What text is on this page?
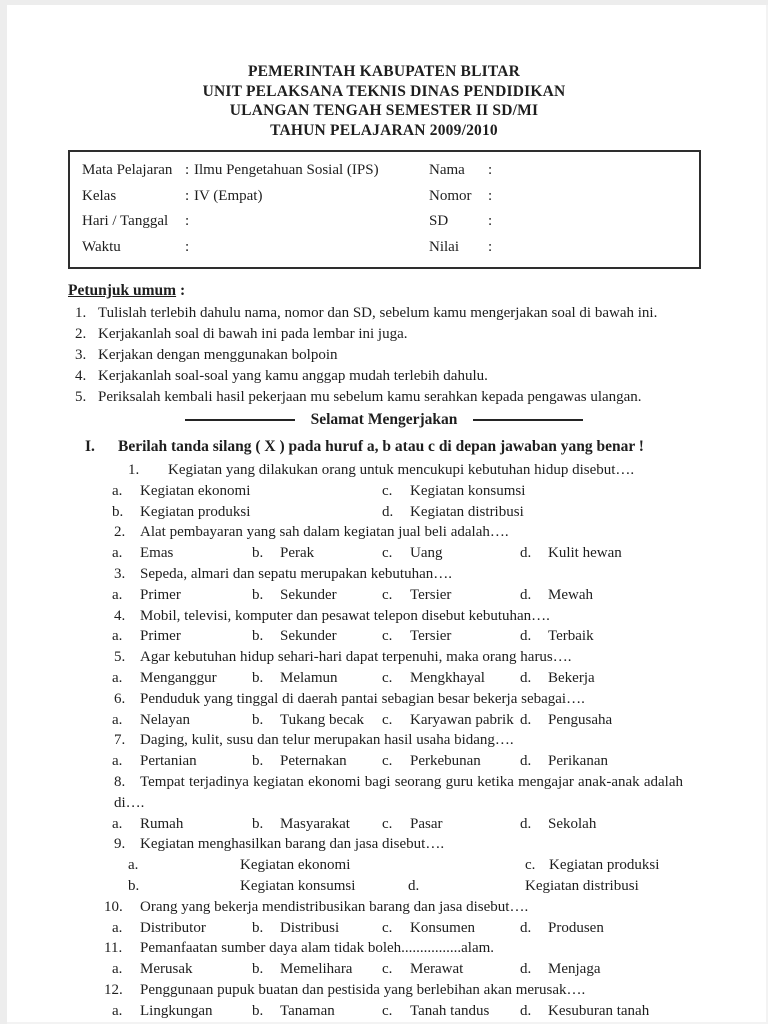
PEMERINTAH KABUPATEN BLITAR
UNIT PELAKSANA TEKNIS DINAS PENDIDIKAN
ULANGAN TENGAH SEMESTER II SD/MI
TAHUN PELAJARAN 2009/2010
Mata Pelajaran : Ilmu Pengetahuan Sosial (IPS)	Nama	:
Kelas	: IV (Empat)	Nomor	:
Hari / Tanggal	:	SD	:
Waktu	:	Nilai	:
Petunjuk umum :
1. Tulislah terlebih dahulu nama, nomor dan SD, sebelum kamu mengerjakan soal di bawah ini.
2. Kerjakanlah soal di bawah ini pada lembar ini juga.
3. Kerjakan dengan menggunakan bolpoin
4. Kerjakanlah soal-soal yang kamu anggap mudah terlebih dahulu.
5. Periksalah kembali hasil pekerjaan mu sebelum kamu serahkan kepada pengawas ulangan.
Selamat Mengerjakan
I.	Berilah tanda silang ( X ) pada huruf a, b atau c di depan jawaban yang benar !
1. Kegiatan yang dilakukan orang untuk mencukupi kebutuhan hidup disebut….
a.	Kegiatan ekonomi	c.	Kegiatan konsumsi
b.	Kegiatan produksi	d.	Kegiatan distribusi
2. Alat pembayaran yang sah dalam kegiatan jual beli adalah….
a.	Emas	b.	Perak	c.	Uang	d.	Kulit hewan
3. Sepeda, almari dan sepatu merupakan kebutuhan….
a.	Primer	b.	Sekunder	c.	Tersier	d.	Mewah
4. Mobil, televisi, komputer dan pesawat telepon disebut kebutuhan….
a.	Primer	b.	Sekunder	c.	Tersier	d.	Terbaik
5. Agar kebutuhan hidup sehari-hari dapat terpenuhi, maka orang harus….
a.	Menganggur b.	Melamun	c.	Mengkhayal d.	Bekerja
6. Penduduk yang tinggal di daerah pantai sebagian besar bekerja sebagai….
a.	Nelayan	b.	Tukang becak c.	Karyawan pabrik d.	Pengusaha
7. Daging, kulit, susu dan telur merupakan hasil usaha bidang….
a.	Pertanian	b.	Peternakan c.	Perkebunan	d.	Perikanan
8. Tempat terjadinya kegiatan ekonomi bagi seorang guru ketika mengajar anak-anak adalah
di….
a.	Rumah	b.	Masyarakat c.	Pasar	d.	Sekolah
9. Kegiatan menghasilkan barang dan jasa disebut….
a.	Kegiatan ekonomi	c. Kegiatan produksi
b.	Kegiatan konsumsi	d.	Kegiatan distribusi
10. Orang yang bekerja mendistribusikan barang dan jasa disebut….
a.	Distributor	b.	Distribusi	c.	Konsumen	d.	Produsen
11. Pemanfaatan sumber daya alam tidak boleh................alam.
a.	Merusak	b.	Memelihara c.	Merawat	d.	Menjaga
12. Penggunaan pupuk buatan dan pestisida yang berlebihan akan merusak….
a.	Lingkungan	b.	Tanaman	c.	Tanah tandus d.	Kesuburan tanah
